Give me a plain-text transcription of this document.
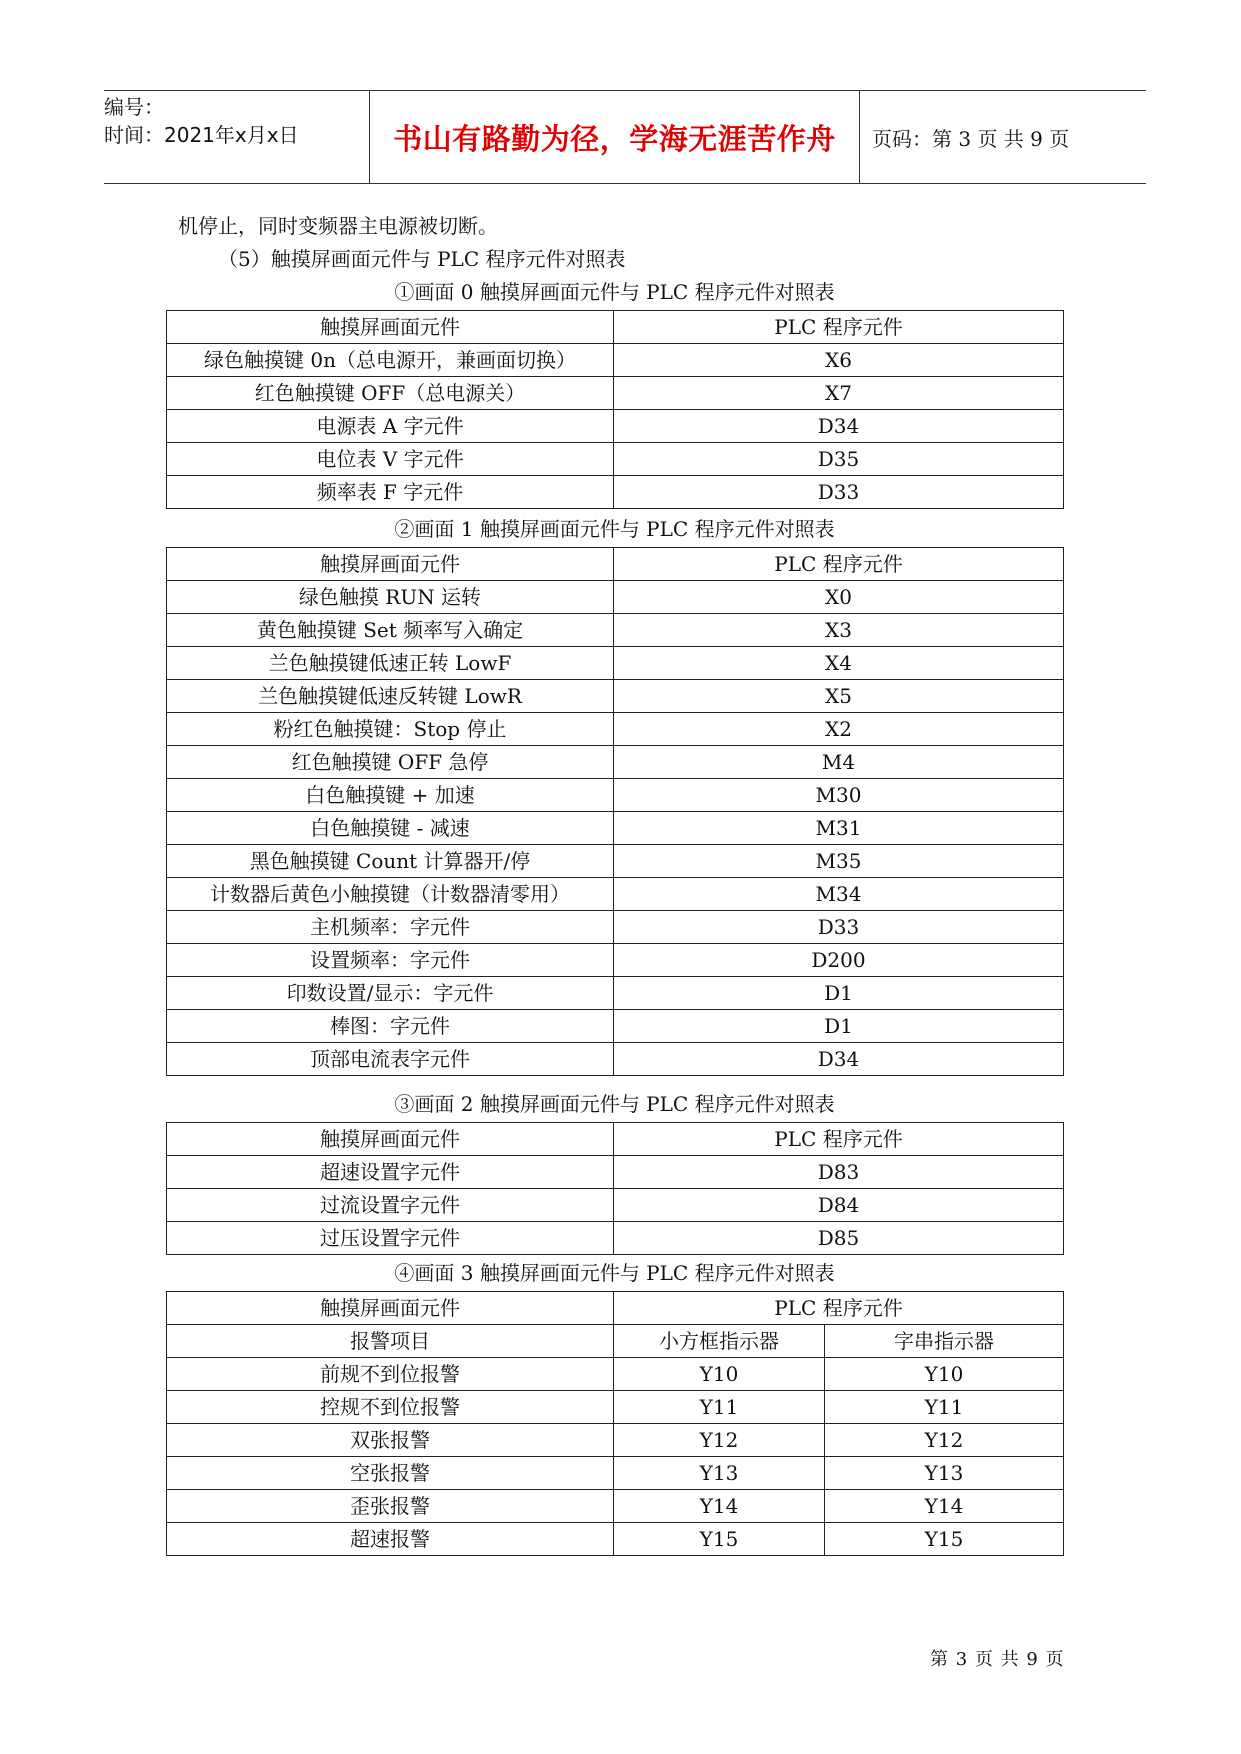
编号：
时间：2021年x月x日	书山有路勤为径，学海无涯苦作舟	页码：第 3 页 共 9 页
机停止，同时变频器主电源被切断。
（5）触摸屏画面元件与 PLC 程序元件对照表
①画面 0 触摸屏画面元件与 PLC 程序元件对照表
触摸屏画面元件	PLC 程序元件
绿色触摸键 0n（总电源开，兼画面切换）	X6
红色触摸键 OFF（总电源关）	X7
电源表 A 字元件	D34
电位表 V 字元件	D35
频率表 F 字元件	D33
②画面 1 触摸屏画面元件与 PLC 程序元件对照表
触摸屏画面元件	PLC 程序元件
绿色触摸 RUN 运转	X0
黄色触摸键 Set 频率写入确定	X3
兰色触摸键低速正转 LowF	X4
兰色触摸键低速反转键 LowR	X5
粉红色触摸键：Stop 停止	X2
红色触摸键 OFF 急停	M4
白色触摸键 + 加速	M30
白色触摸键 - 减速	M31
黑色触摸键 Count 计算器开/停	M35
计数器后黄色小触摸键（计数器清零用）	M34
主机频率：字元件	D33
设置频率：字元件	D200
印数设置/显示：字元件	D1
棒图：字元件	D1
顶部电流表字元件	D34
③画面 2 触摸屏画面元件与 PLC 程序元件对照表
触摸屏画面元件	PLC 程序元件
超速设置字元件	D83
过流设置字元件	D84
过压设置字元件	D85
④画面 3 触摸屏画面元件与 PLC 程序元件对照表
触摸屏画面元件	PLC 程序元件	
报警项目	小方框指示器	字串指示器
前规不到位报警	Y10	Y10
控规不到位报警	Y11	Y11
双张报警	Y12	Y12
空张报警	Y13	Y13
歪张报警	Y14	Y14
超速报警	Y15	Y15
第 3 页 共 9 页
